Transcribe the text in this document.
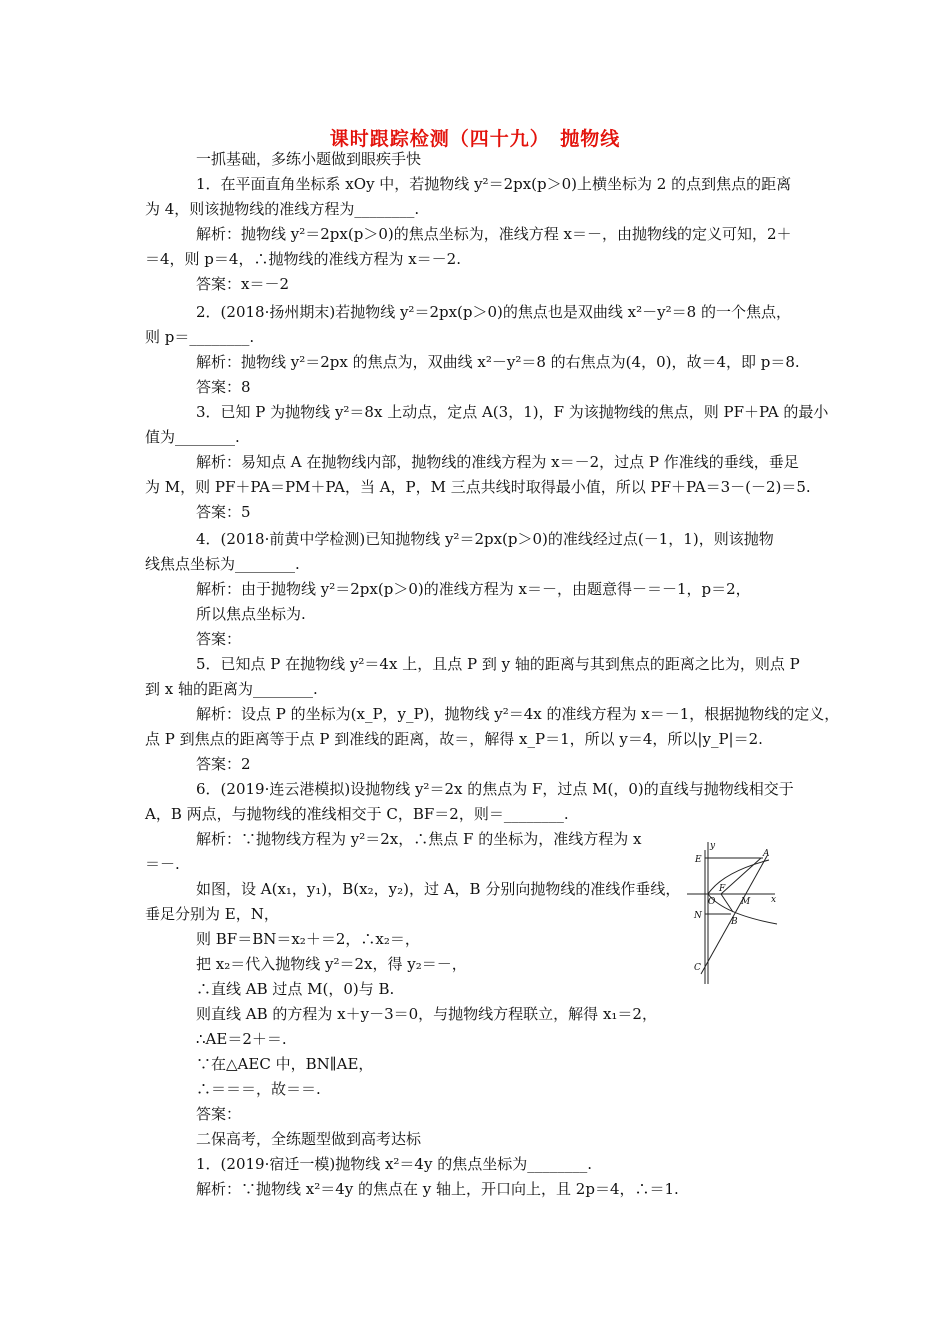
课时跟踪检测（四十九）　抛物线
一抓基础，多练小题做到眼疾手快
1．在平面直角坐标系 xOy 中，若抛物线 y²＝2px(p＞0)上横坐标为 2 的点到焦点的距离
为 4，则该抛物线的准线方程为________.
解析：抛物线 y²＝2px(p＞0)的焦点坐标为，准线方程 x＝－，由抛物线的定义可知，2＋
＝4，则 p＝4，∴抛物线的准线方程为 x＝－2.
答案：x＝－2
2．(2018·扬州期末)若抛物线 y²＝2px(p＞0)的焦点也是双曲线 x²－y²＝8 的一个焦点，
则 p＝________.
解析：抛物线 y²＝2px 的焦点为，双曲线 x²－y²＝8 的右焦点为(4，0)，故＝4，即 p＝8.
答案：8
3．已知 P 为抛物线 y²＝8x 上动点，定点 A(3，1)，F 为该抛物线的焦点，则 PF＋PA 的最小
值为________.
解析：易知点 A 在抛物线内部，抛物线的准线方程为 x＝－2，过点 P 作准线的垂线，垂足
为 M，则 PF＋PA＝PM＋PA，当 A，P，M 三点共线时取得最小值，所以 PF＋PA＝3－(－2)＝5.
答案：5
4．(2018·前黄中学检测)已知抛物线 y²＝2px(p＞0)的准线经过点(－1，1)，则该抛物
线焦点坐标为________.
解析：由于抛物线 y²＝2px(p＞0)的准线方程为 x＝－，由题意得－＝－1，p＝2，
所以焦点坐标为.
答案：
5．已知点 P 在抛物线 y²＝4x 上，且点 P 到 y 轴的距离与其到焦点的距离之比为，则点 P
到 x 轴的距离为________.
解析：设点 P 的坐标为(x_P，y_P)，抛物线 y²＝4x 的准线方程为 x＝－1，根据抛物线的定义，
点 P 到焦点的距离等于点 P 到准线的距离，故＝，解得 x_P＝1，所以 y＝4，所以|y_P|＝2.
答案：2
6．(2019·连云港模拟)设抛物线 y²＝2x 的焦点为 F，过点 M(，0)的直线与抛物线相交于
A，B 两点，与抛物线的准线相交于 C，BF＝2，则＝________.
解析：∵抛物线方程为 y²＝2x，∴焦点 F 的坐标为，准线方程为 x
＝－.
如图，设 A(x₁，y₁)，B(x₂，y₂)，过 A，B 分别向抛物线的准线作垂线，
垂足分别为 E，N，
则 BF＝BN＝x₂＋＝2，∴x₂＝，
把 x₂＝代入抛物线 y²＝2x，得 y₂＝－，
∴直线 AB 过点 M(，0)与 B.
则直线 AB 的方程为 x＋y－3＝0，与抛物线方程联立，解得 x₁＝2，
∴AE＝2＋＝.
∵在△AEC 中，BN∥AE，
∴＝＝＝，故＝＝.
答案：
二保高考，全练题型做到高考达标
1．(2019·宿迁一模)抛物线 x²＝4y 的焦点坐标为________.
解析：∵抛物线 x²＝4y 的焦点在 y 轴上，开口向上，且 2p＝4，∴＝1.
y
E
A
F
O	M x
N
B
C
